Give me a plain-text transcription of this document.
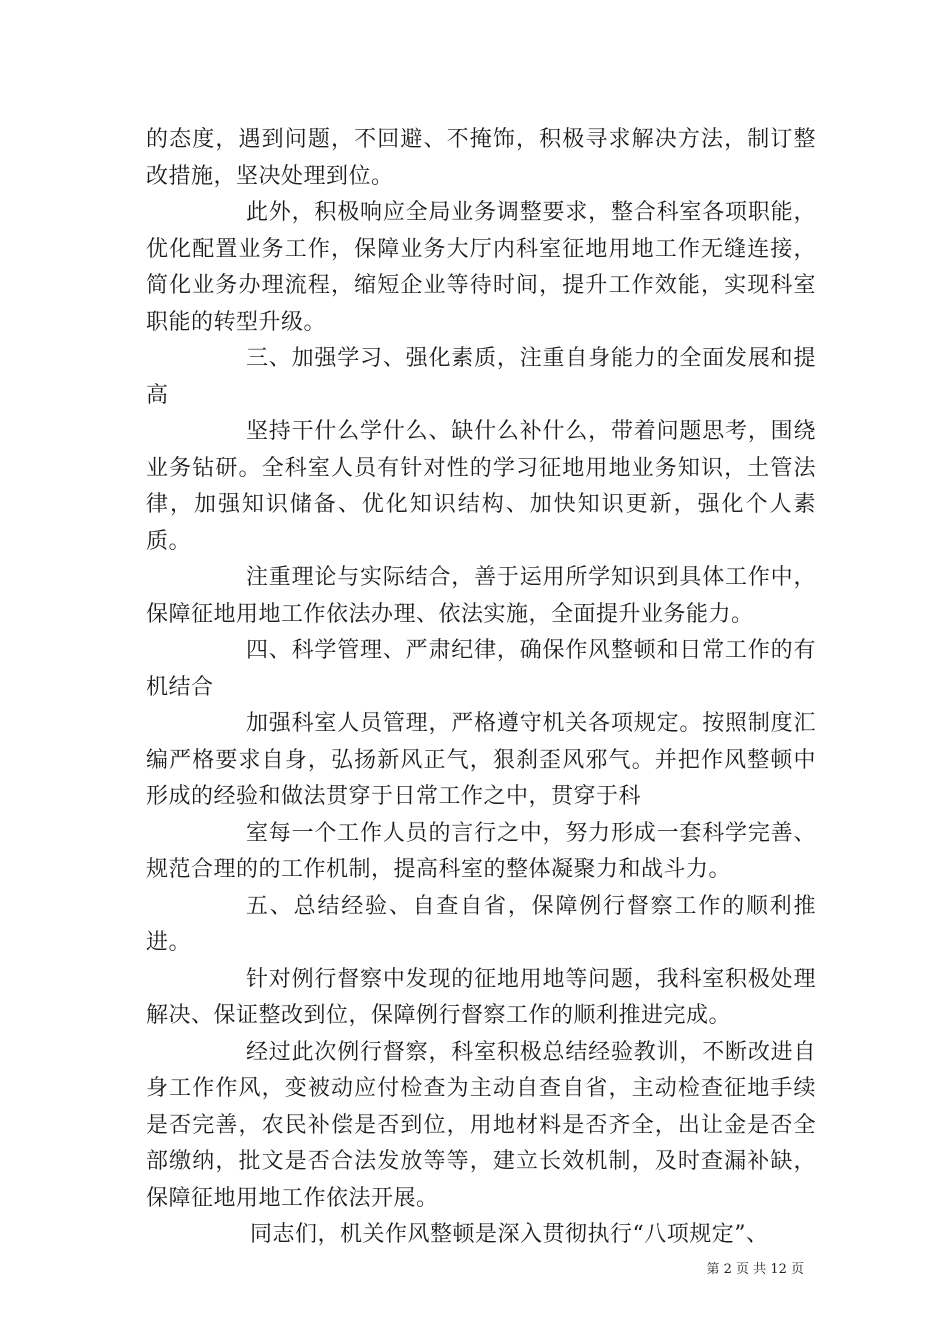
的态度，遇到问题，不回避、不掩饰，积极寻求解决方法，制订整改措施，坚决处理到位。

此外，积极响应全局业务调整要求，整合科室各项职能，优化配置业务工作，保障业务大厅内科室征地用地工作无缝连接，简化业务办理流程，缩短企业等待时间，提升工作效能，实现科室职能的转型升级。

三、加强学习、强化素质，注重自身能力的全面发展和提高

坚持干什么学什么、缺什么补什么，带着问题思考，围绕业务钻研。全科室人员有针对性的学习征地用地业务知识，土管法律，加强知识储备、优化知识结构、加快知识更新，强化个人素质。

注重理论与实际结合，善于运用所学知识到具体工作中，保障征地用地工作依法办理、依法实施，全面提升业务能力。

四、科学管理、严肃纪律，确保作风整顿和日常工作的有机结合

加强科室人员管理，严格遵守机关各项规定。按照制度汇编严格要求自身，弘扬新风正气，狠刹歪风邪气。并把作风整顿中形成的经验和做法贯穿于日常工作之中，贯穿于科

室每一个工作人员的言行之中，努力形成一套科学完善、规范合理的的工作机制，提高科室的整体凝聚力和战斗力。

五、总结经验、自查自省，保障例行督察工作的顺利推进。

针对例行督察中发现的征地用地等问题，我科室积极处理解决、保证整改到位，保障例行督察工作的顺利推进完成。

经过此次例行督察，科室积极总结经验教训，不断改进自身工作作风，变被动应付检查为主动自查自省，主动检查征地手续是否完善，农民补偿是否到位，用地材料是否齐全，出让金是否全部缴纳，批文是否合法发放等等，建立长效机制，及时查漏补缺，保障征地用地工作依法开展。

同志们，机关作风整顿是深入贯彻执行“八项规定”、

第 2 页 共 12 页
